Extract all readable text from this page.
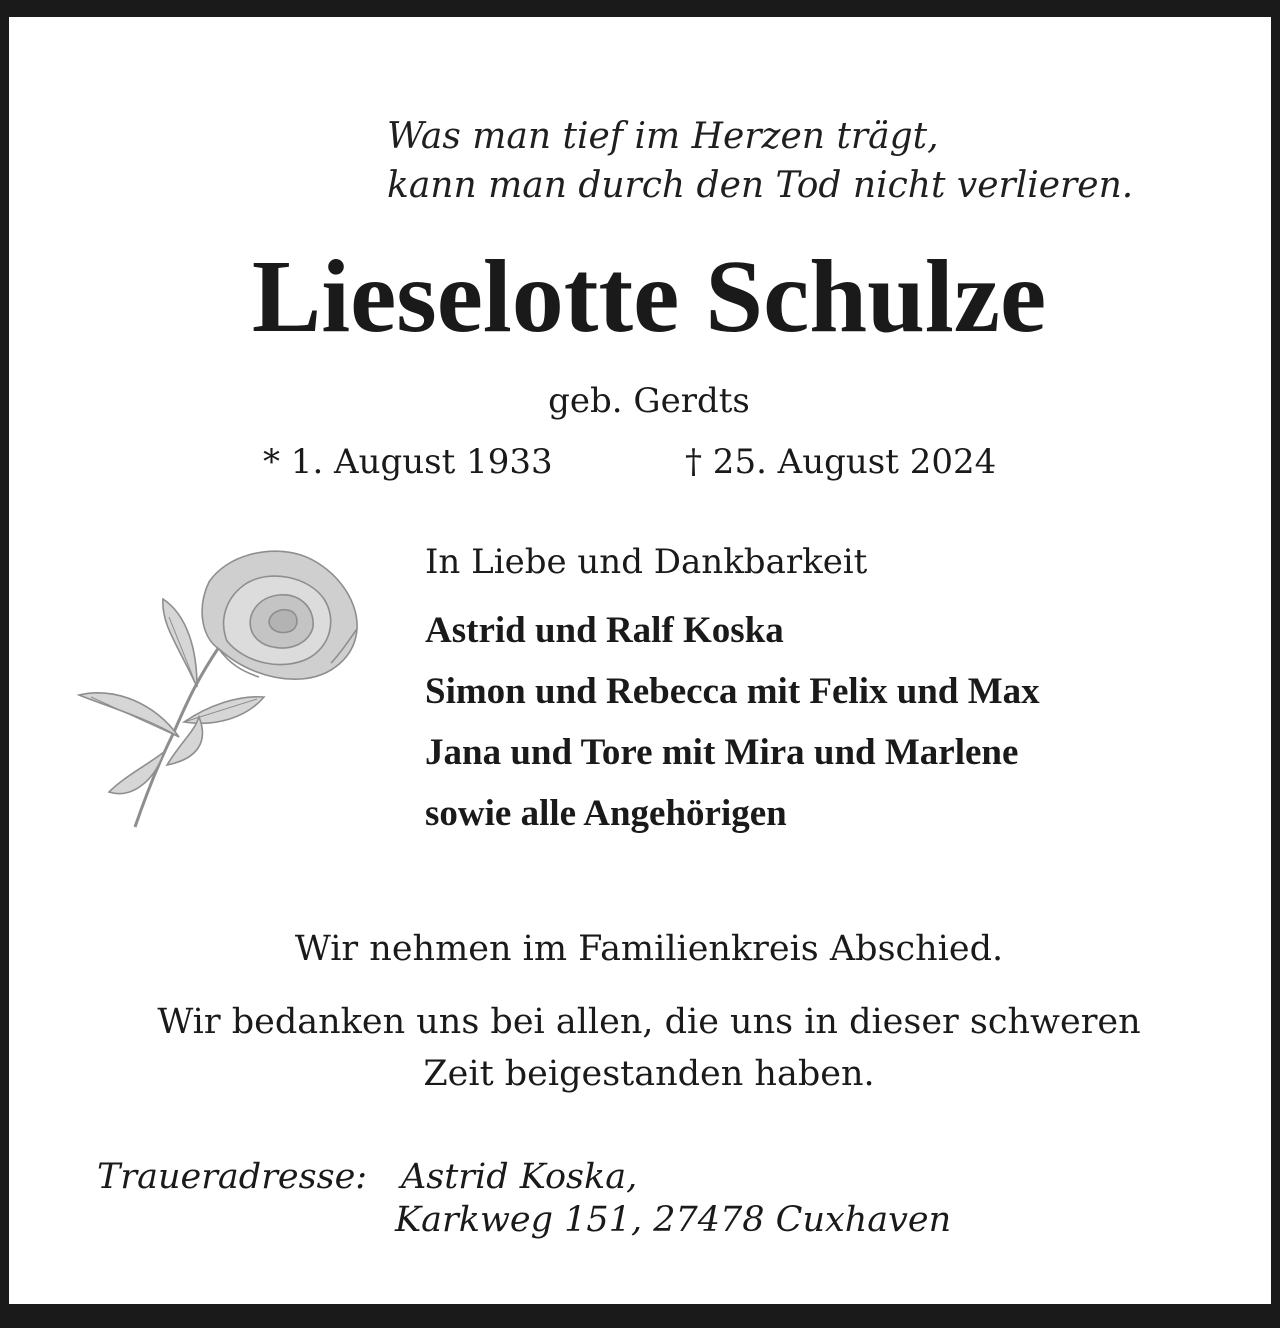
Was man tief im Herzen trägt,
kann man durch den Tod nicht verlieren.
Lieselotte Schulze
geb. Gerdts
* 1. August 1933	† 25. August 2024
In Liebe und Dankbarkeit
Astrid und Ralf Koska
Simon und Rebecca mit Felix und Max
Jana und Tore mit Mira und Marlene
sowie alle Angehörigen
Wir nehmen im Familienkreis Abschied.
Wir bedanken uns bei allen, die uns in dieser schweren
Zeit beigestanden haben.
Traueradresse: Astrid Koska,
Karkweg 151, 27478 Cuxhaven
